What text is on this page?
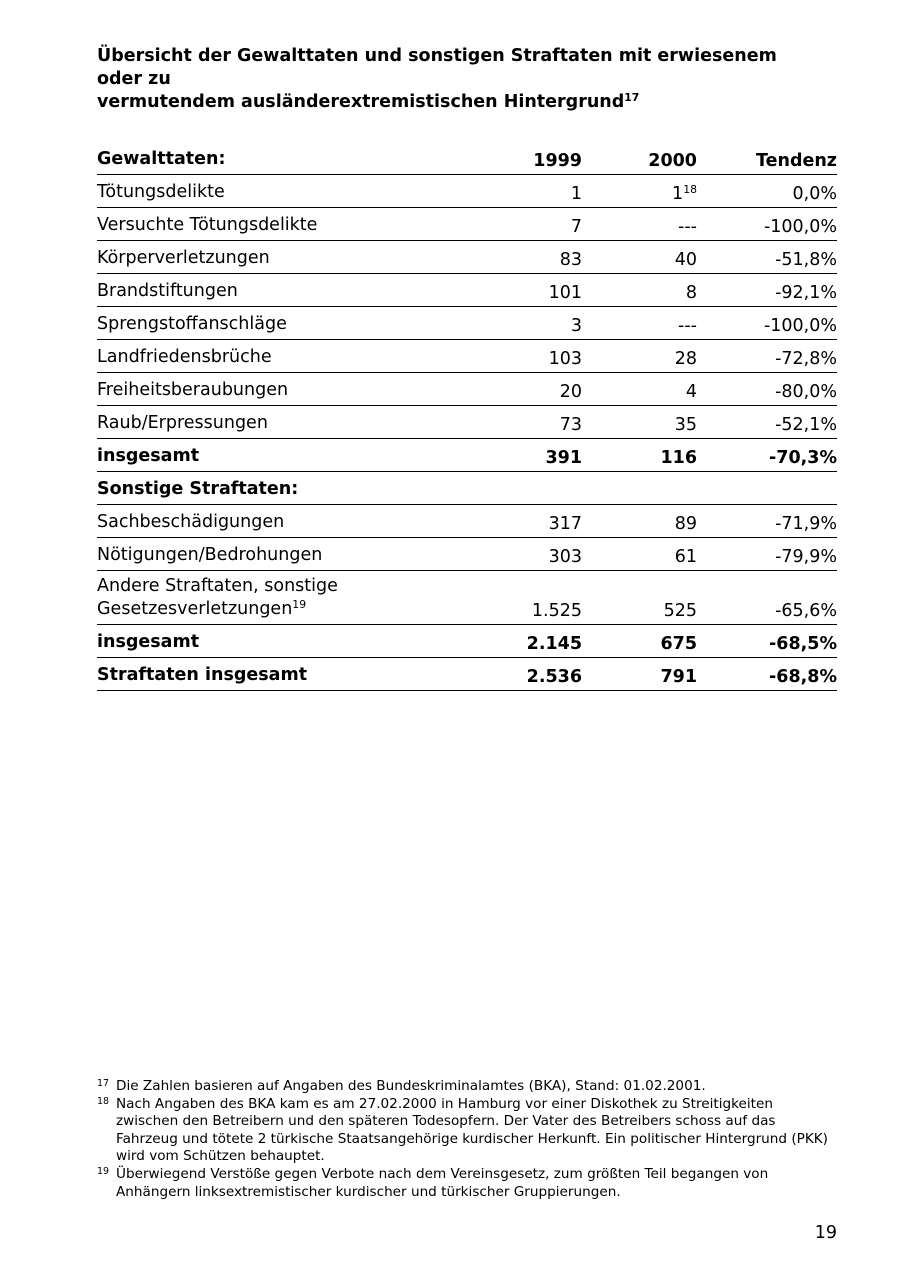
Übersicht der Gewalttaten und sonstigen Straftaten mit erwiesenem oder zu
vermutendem ausländerextremistischen Hintergrund$^{17}$
Gewalttaten:	1999	2000	Tendenz
Tötungsdelikte	1	$1^{18}$	0,0%
Versuchte Tötungsdelikte	7	---	-100,0%
Körperverletzungen	83	40	-51,8%
Brandstiftungen	101	8	-92,1%
Sprengstoffanschläge	3	---	-100,0%
Landfriedensbrüche	103	28	-72,8%
Freiheitsberaubungen	20	4	-80,0%
Raub/Erpressungen	73	35	-52,1%
insgesamt	391	116	-70,3%
Sonstige Straftaten:			
Sachbeschädigungen	317	89	-71,9%
Nötigungen/Bedrohungen	303	61	-79,9%
Andere Straftaten, sonstige
Gesetzesverletzungen$^{19}$	1.525	525	-65,6%
insgesamt	2.145	675	-68,5%
Straftaten insgesamt	2.536	791	-68,8%
17 Die Zahlen basieren auf Angaben des Bundeskriminalamtes (BKA), Stand: 01.02.2001.
18 Nach Angaben des BKA kam es am 27.02.2000 in Hamburg vor einer Diskothek zu Streitigkeiten zwischen den Betreibern und den späteren Todesopfern. Der Vater des Betreibers schoss auf das Fahrzeug und tötete 2 türkische Staatsangehörige kurdischer Herkunft. Ein politischer Hintergrund (PKK) wird vom Schützen behauptet.
19 Überwiegend Verstöße gegen Verbote nach dem Vereinsgesetz, zum größten Teil begangen von Anhängern linksextremistischer kurdischer und türkischer Gruppierungen.
19
